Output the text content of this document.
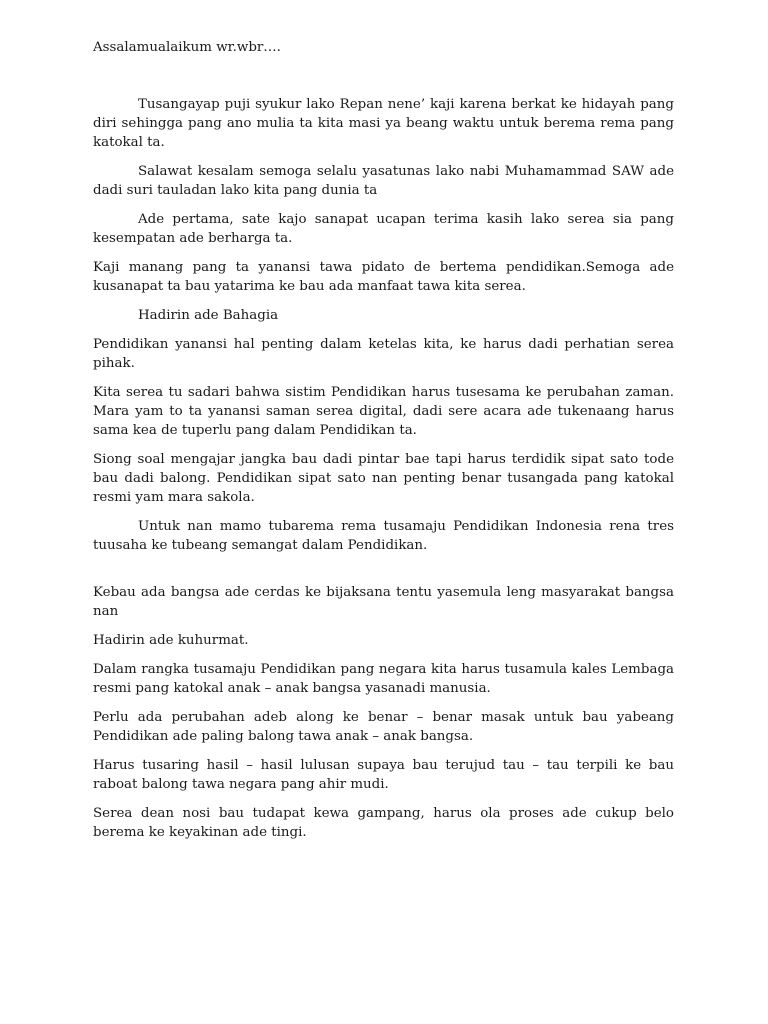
Assalamualaikum wr.wbr….

Tusangayap puji syukur lako Repan nene’ kaji karena berkat ke hidayah pang diri sehingga pang ano mulia ta kita masi ya beang waktu untuk berema rema pang katokal ta.

Salawat kesalam semoga selalu yasatunas lako nabi Muhamammad SAW ade dadi suri tauladan lako kita pang dunia ta

Ade pertama, sate kajo sanapat ucapan terima kasih lako serea sia pang kesempatan ade berharga ta.

Kaji manang pang ta yanansi tawa pidato de bertema pendidikan.Semoga ade kusanapat ta bau yatarima ke bau ada manfaat tawa kita serea.

Hadirin ade Bahagia

Pendidikan yanansi hal penting dalam ketelas kita, ke harus dadi perhatian serea pihak.

Kita serea tu sadari bahwa sistim Pendidikan harus tusesama ke perubahan zaman. Mara yam to ta yanansi saman serea digital, dadi sere acara ade tukenaang harus sama kea de tuperlu pang dalam Pendidikan ta.

Siong soal mengajar jangka bau dadi pintar bae tapi harus terdidik sipat sato tode bau dadi balong. Pendidikan sipat sato nan penting benar tusangada pang katokal resmi yam mara sakola.

Untuk nan mamo tubarema rema tusamaju Pendidikan Indonesia rena tres tuusaha ke tubeang semangat dalam Pendidikan.

Kebau ada bangsa ade cerdas ke bijaksana tentu yasemula leng masyarakat bangsa nan

Hadirin ade kuhurmat.

Dalam rangka tusamaju Pendidikan pang negara kita harus tusamula kales Lembaga resmi pang katokal anak – anak bangsa yasanadi manusia.

Perlu ada perubahan adeb along ke benar – benar masak untuk bau yabeang Pendidikan ade paling balong tawa anak – anak bangsa.

Harus tusaring hasil – hasil lulusan supaya bau terujud tau – tau terpili ke bau raboat balong tawa negara pang ahir mudi.

Serea dean nosi bau tudapat kewa gampang, harus ola proses ade cukup belo berema ke keyakinan ade tingi.
